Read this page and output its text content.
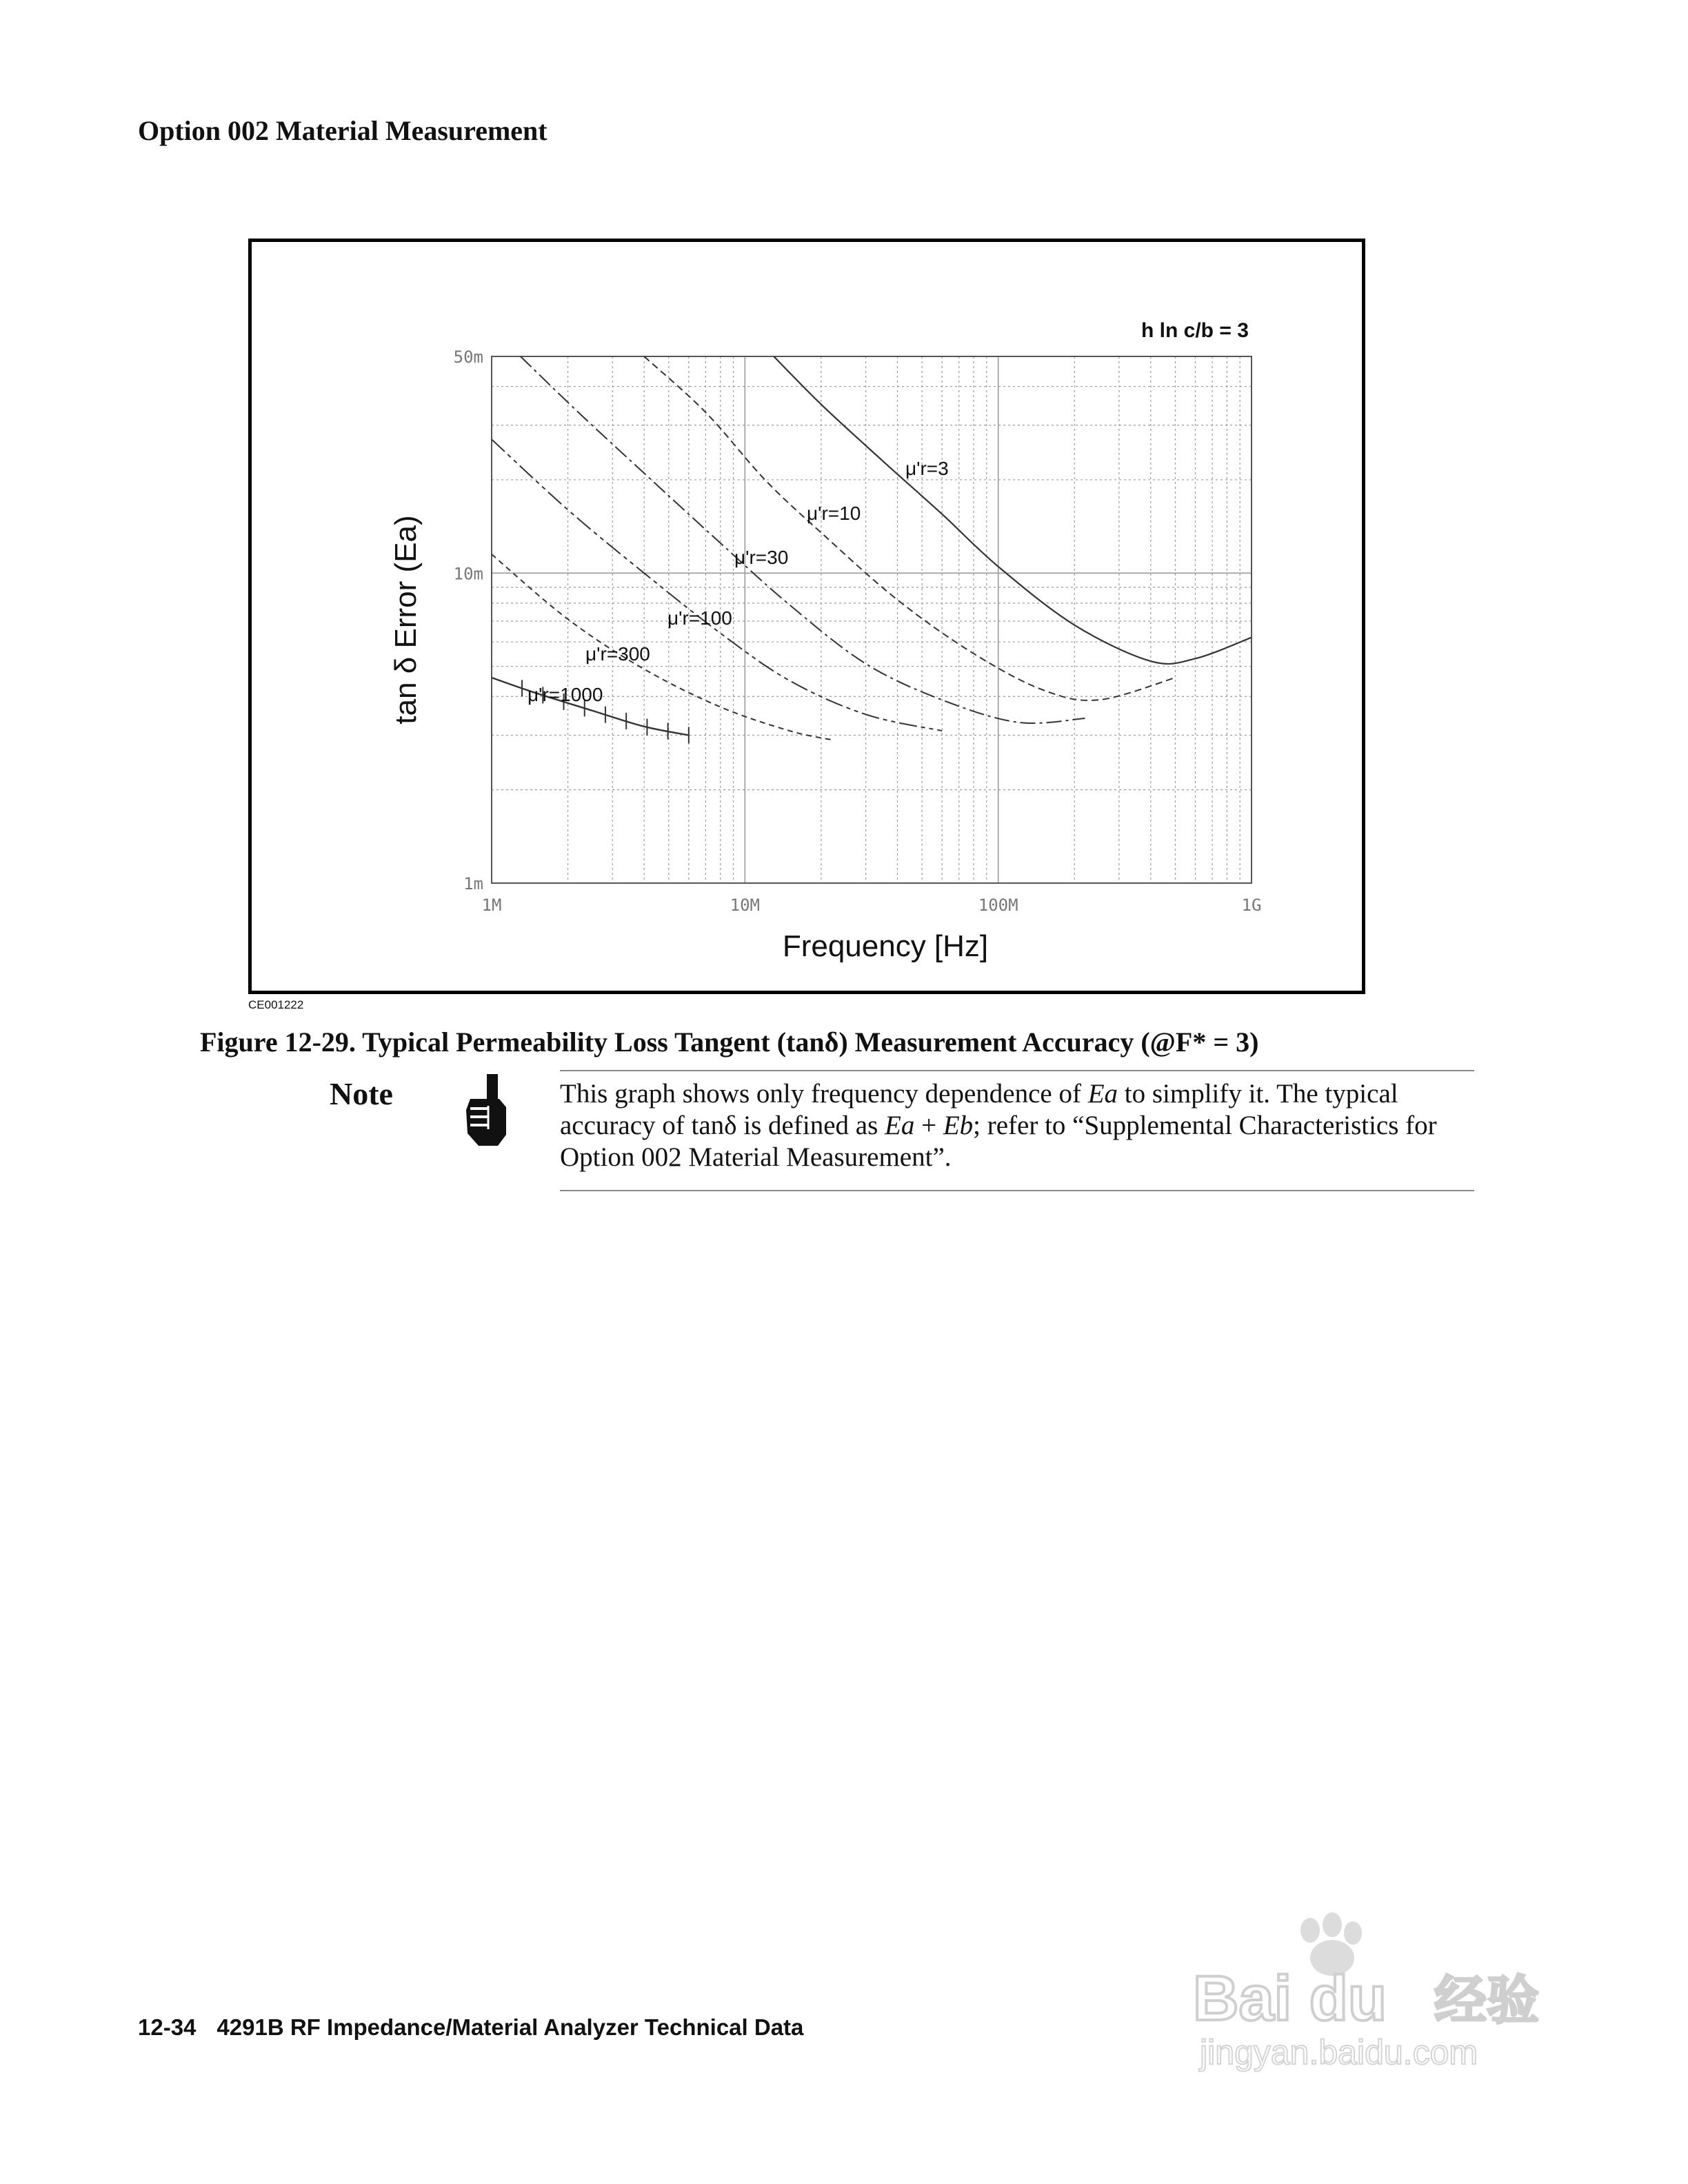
Option 002 Material Measurement
μ'r=3
μ'r=10
μ'r=30
μ'r=100
μ'r=300
μ'r=1000
50m
10m
1m
1M	10M	100M	1G
Frequency [Hz]
tan δ Error (Ea)
h ln c/b = 3
CE001222
Figure 12-29. Typical Permeability Loss Tangent (tanδ) Measurement Accuracy (@F* = 3)
Note	This graph shows only frequency dependence of Ea to simplify it. The typical accuracy of tanδ is defined as Ea + Eb; refer to “Supplemental Characteristics for Option 002 Material Measurement”.
12-34 4291B RF Impedance/Material Analyzer Technical Data	Bai du 经验
jingyan.baidu.com
